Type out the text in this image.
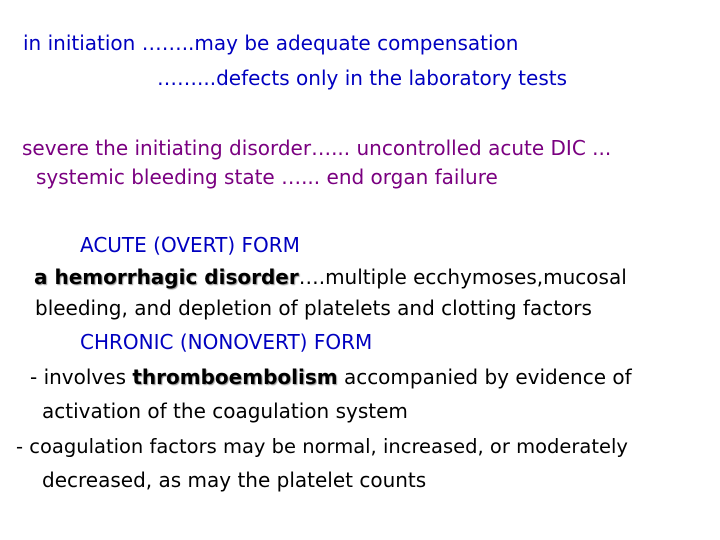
in initiation ……..may be adequate compensation
……...defects only in the laboratory tests
severe the initiating disorder…... uncontrolled acute DIC ...
systemic bleeding state …... end organ failure
ACUTE (OVERT) FORM
a hemorrhagic disorder….multiple ecchymoses,mucosal
bleeding, and depletion of platelets and clotting factors
CHRONIC (NONOVERT) FORM
- involves thromboembolism accompanied by evidence of
activation of the coagulation system
- coagulation factors may be normal, increased, or moderately
decreased, as may the platelet counts
